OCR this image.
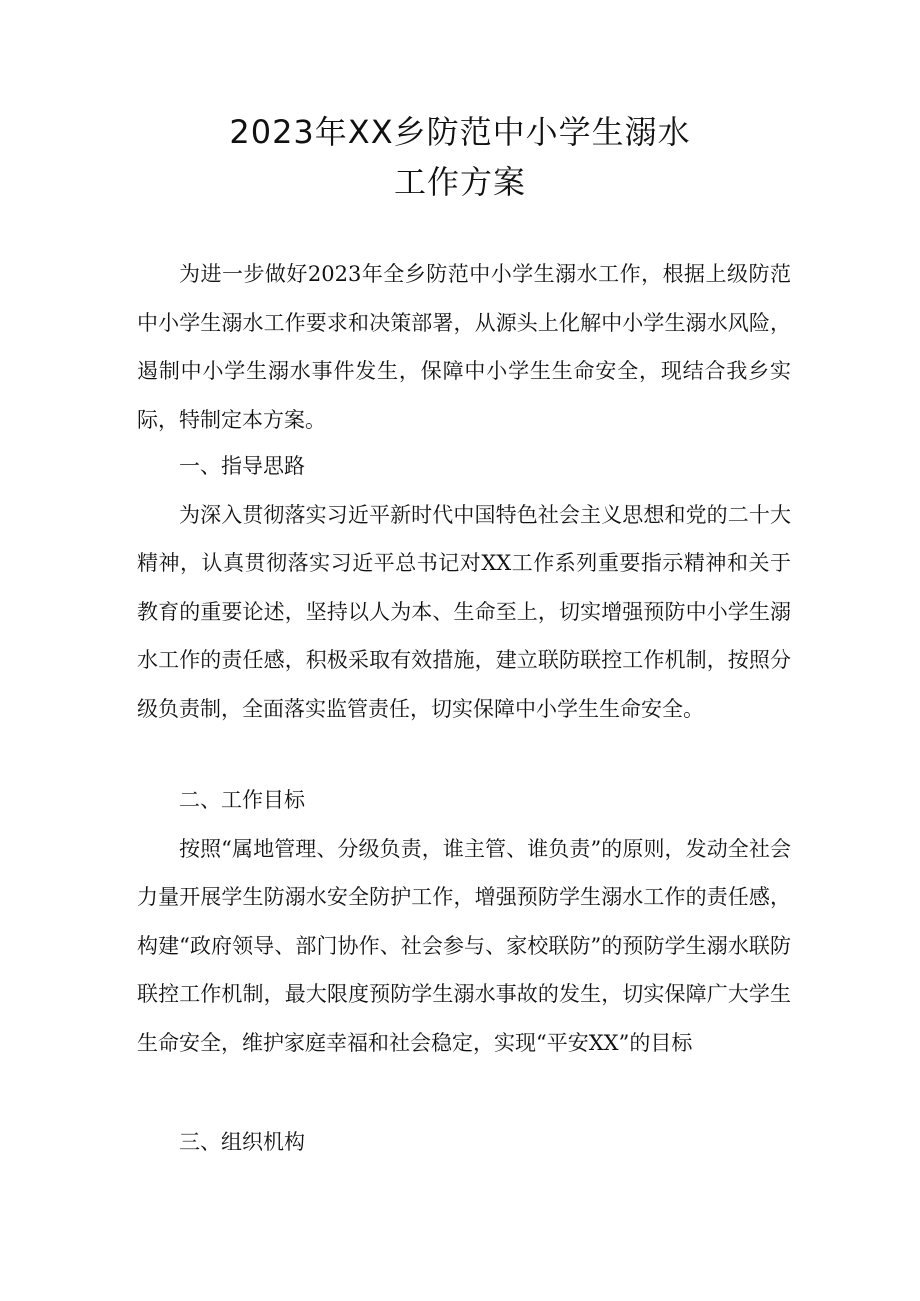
2023年XX乡防范中小学生溺水
工作方案

为进一步做好2023年全乡防范中小学生溺水工作，根据上级防范中小学生溺水工作要求和决策部署，从源头上化解中小学生溺水风险，遏制中小学生溺水事件发生，保障中小学生生命安全，现结合我乡实际，特制定本方案。

一、指导思路

为深入贯彻落实习近平新时代中国特色社会主义思想和党的二十大精神，认真贯彻落实习近平总书记对XX工作系列重要指示精神和关于教育的重要论述，坚持以人为本、生命至上，切实增强预防中小学生溺水工作的责任感，积极采取有效措施，建立联防联控工作机制，按照分级负责制，全面落实监管责任，切实保障中小学生生命安全。

二、工作目标

按照“属地管理、分级负责，谁主管、谁负责”的原则，发动全社会力量开展学生防溺水安全防护工作，增强预防学生溺水工作的责任感，构建“政府领导、部门协作、社会参与、家校联防”的预防学生溺水联防联控工作机制，最大限度预防学生溺水事故的发生，切实保障广大学生生命安全，维护家庭幸福和社会稳定，实现“平安XX”的目标

三、组织机构
